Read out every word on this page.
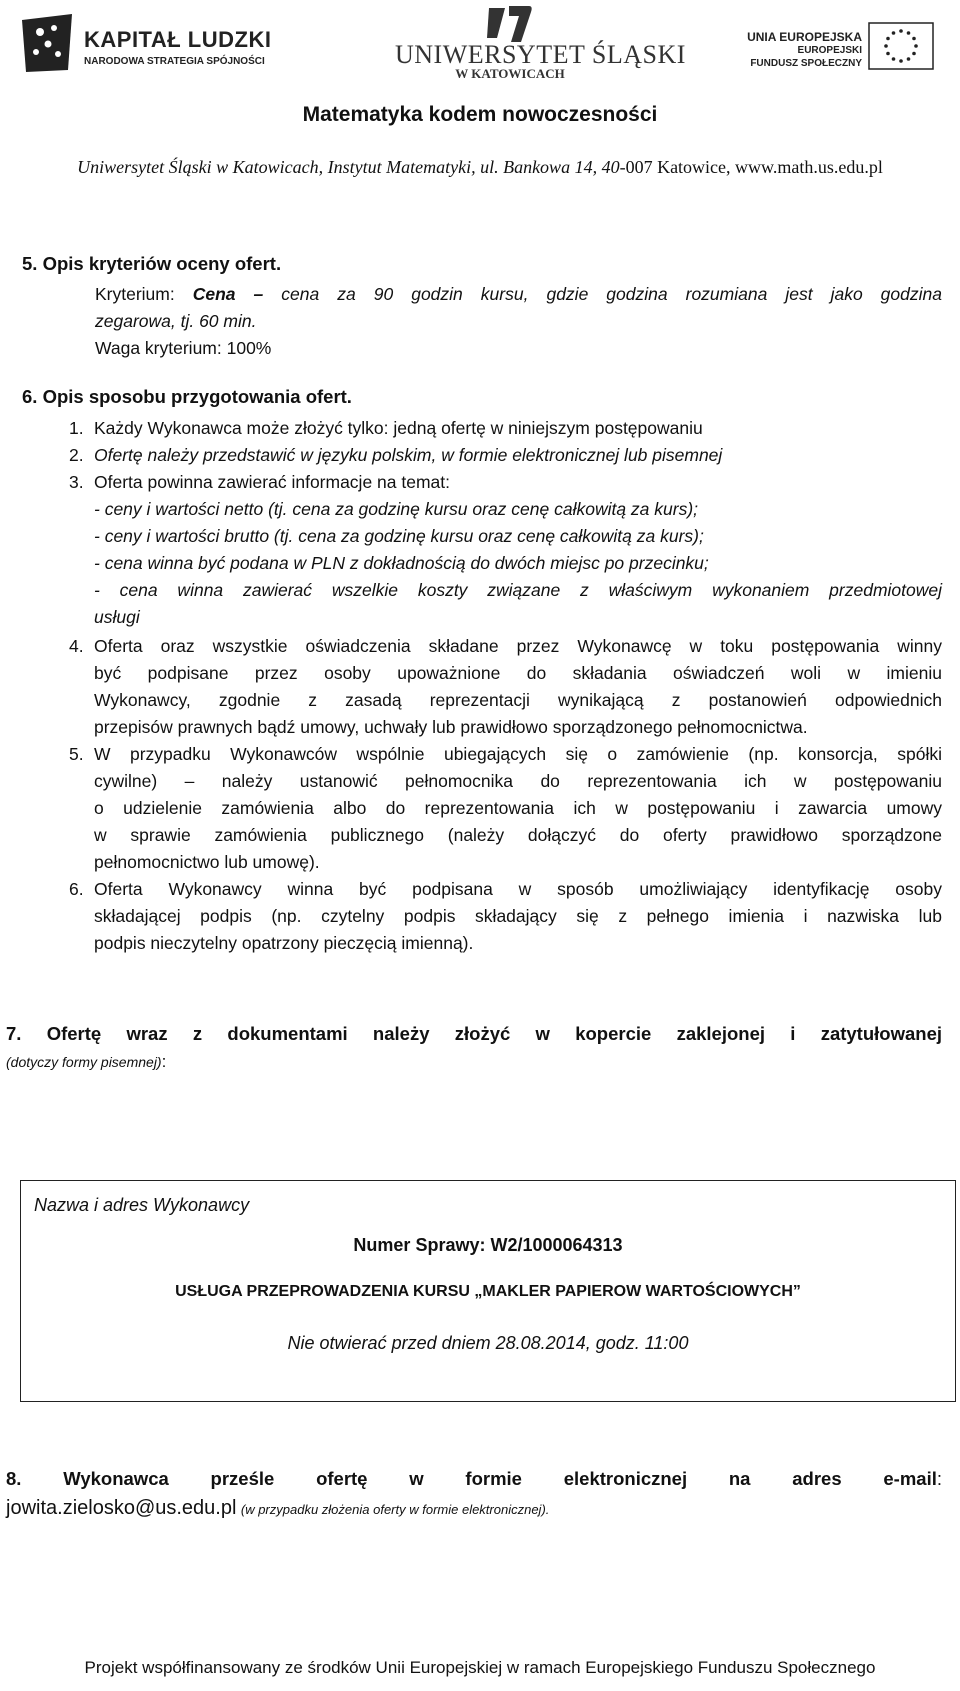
KAPITAŁ LUDZKI
NARODOWA STRATEGIA SPÓJNOŚCI	UNIWERSYTET ŚLĄSKI
W KATOWICACH
UNIA EUROPEJSKA
EUROPEJSKI
FUNDUSZ SPOŁECZNY
Matematyka kodem nowoczesności
Uniwersytet Śląski w Katowicach, Instytut Matematyki, ul. Bankowa 14, 40-007 Katowice, www.math.us.edu.pl
5. Opis kryteriów oceny ofert.
Kryterium: Cena – cena za 90 godzin kursu, gdzie godzina rozumiana jest jako godzina
zegarowa, tj. 60 min.
Waga kryterium: 100%
6. Opis sposobu przygotowania ofert.
1. Każdy Wykonawca może złożyć tylko: jedną ofertę w niniejszym postępowaniu
2. Ofertę należy przedstawić w języku polskim, w formie elektronicznej lub pisemnej
3. Oferta powinna zawierać informacje na temat:
- ceny i wartości netto (tj. cena za godzinę kursu oraz cenę całkowitą za kurs);
- ceny i wartości brutto (tj. cena za godzinę kursu oraz cenę całkowitą za kurs);
- cena winna być podana w PLN z dokładnością do dwóch miejsc po przecinku;
- cena winna zawierać wszelkie koszty związane z właściwym wykonaniem przedmiotowej
usługi
4. Oferta oraz wszystkie oświadczenia składane przez Wykonawcę w toku postępowania winny
być podpisane przez osoby upoważnione do składania oświadczeń woli w imieniu
Wykonawcy, zgodnie z zasadą reprezentacji wynikającą z postanowień odpowiednich
przepisów prawnych bądź umowy, uchwały lub prawidłowo sporządzonego pełnomocnictwa.
5. W przypadku Wykonawców wspólnie ubiegających się o zamówienie (np. konsorcja, spółki
cywilne) – należy ustanowić pełnomocnika do reprezentowania ich w postępowaniu
o udzielenie zamówienia albo do reprezentowania ich w postępowaniu i zawarcia umowy
w sprawie zamówienia publicznego (należy dołączyć do oferty prawidłowo sporządzone
pełnomocnictwo lub umowę).
6. Oferta Wykonawcy winna być podpisana w sposób umożliwiający identyfikację osoby
składającej podpis (np. czytelny podpis składający się z pełnego imienia i nazwiska lub
podpis nieczytelny opatrzony pieczęcią imienną).
7. Ofertę wraz z dokumentami należy złożyć w kopercie zaklejonej i zatytułowanej
(dotyczy formy pisemnej):
Nazwa i adres Wykonawcy
Numer Sprawy: W2/1000064313
USŁUGA PRZEPROWADZENIA KURSU „MAKLER PAPIEROW WARTOŚCIOWYCH”
Nie otwierać przed dniem 28.08.2014, godz. 11:00
8. Wykonawca prześle ofertę w formie elektronicznej na adres e-mail:
jowita.zielosko@us.edu.pl (w przypadku złożenia oferty w formie elektronicznej).
Projekt współfinansowany ze środków Unii Europejskiej w ramach Europejskiego Funduszu Społecznego
